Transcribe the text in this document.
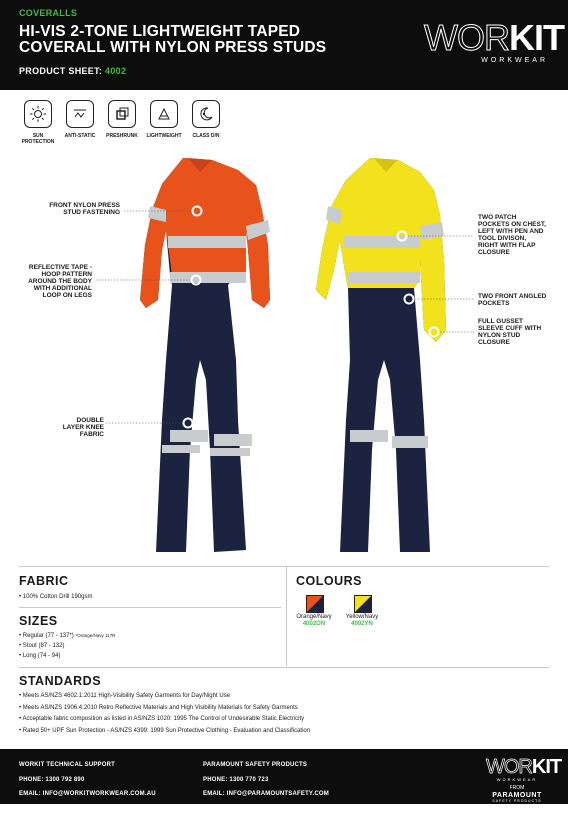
COVERALLS
HI-VIS 2-TONE LIGHTWEIGHT TAPED
COVERALL WITH NYLON PRESS STUDS
PRODUCT SHEET: 4002
WORKIT
WORKWEAR
SUN
PROTECTION
ANTI-STATIC	PRESHRUNK	LIGHTWEIGHT	CLASS D/N
FRONT NYLON PRESS STUD FASTENING
REFLECTIVE TAPE - HOOP PATTERN AROUND THE BODY WITH ADDITIONAL LOOP ON LEGS
DOUBLE LAYER KNEE FABRIC
TWO PATCH POCKETS ON CHEST, LEFT WITH PEN AND TOOL DIVISON, RIGHT WITH FLAP CLOSURE
TWO FRONT ANGLED POCKETS
FULL GUSSET SLEEVE CUFF WITH NYLON STUD CLOSURE
FABRIC
• 100% Cotton Drill 190gsm
SIZES
• Regular (77 - 137*) *Orange/Navy 117R
• Stout (87 - 132)
• Long (74 - 94)
COLOURS
Orange/Navy
4002ON
Yellow/Navy
4002YN
STANDARDS
• Meets AS/NZS 4602.1:2011 High-Visibility Safety Garments for Day/Night Use
• Meets AS/NZS 1906.4:2010 Retro Reflective Materials and High Visibility Materials for Safety Garments
• Acceptable fabric composition as listed in AS/NZS 1020: 1995 The Control of Undesirable Static Electricity
• Rated 50+ UPF Sun Protection - AS/NZS 4399: 1999 Sun Protective Clothing - Evaluation and Classification
WORKIT TECHNICAL SUPPORT
PHONE: 1300 792 890
EMAIL: INFO@WORKITWORKWEAR.COM.AU
WORKITWORKWEAR.COM.AU
PARAMOUNT SAFETY PRODUCTS
PHONE: 1300 770 723
EMAIL: INFO@PARAMOUNTSAFETY.COM
PARAMOUNTSAFETY.COM
WORKIT
WORKWEAR
FROM
PARAMOUNT
SAFETY PRODUCTS
